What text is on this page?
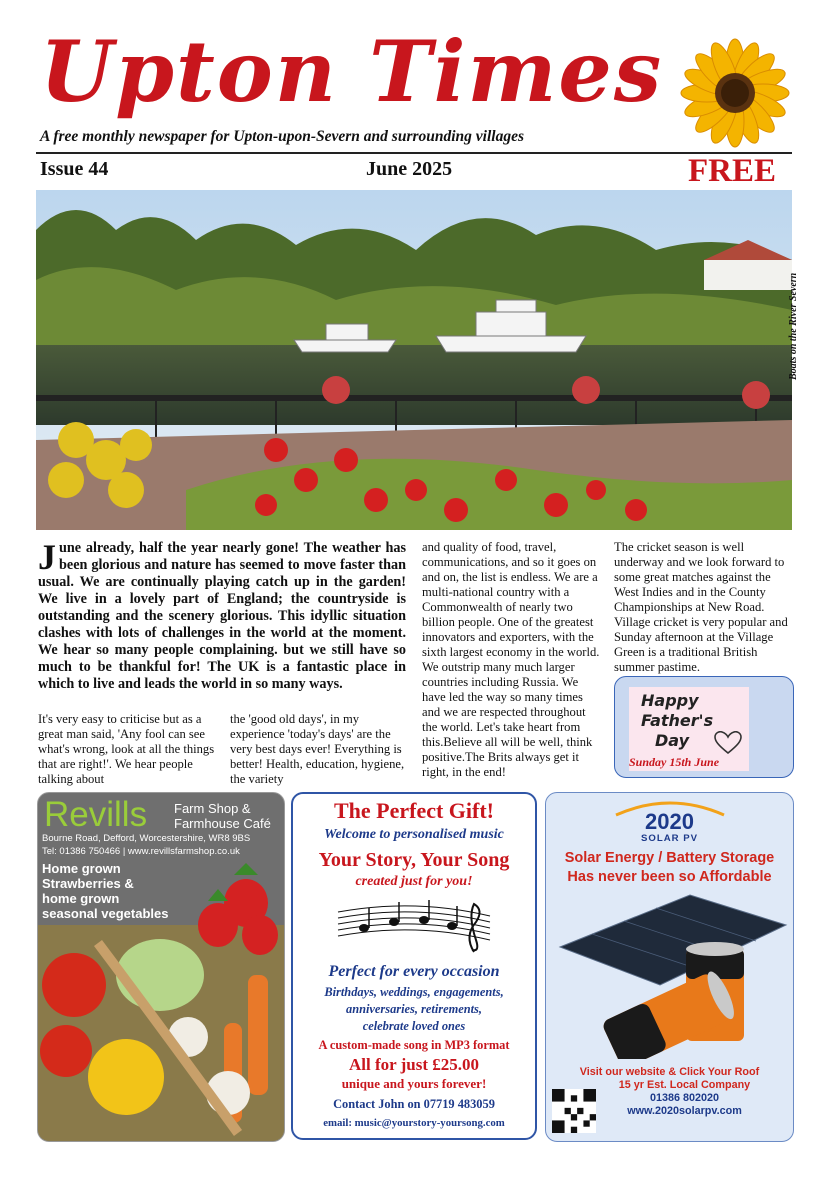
Upton Times
A free monthly newspaper for Upton-upon-Severn and surrounding villages
Issue 44	June 2025	FREE
Boats on the River Severn
June already, half the year nearly gone! The weather has been glorious and nature has seemed to move faster than usual. We are continually playing catch up in the garden! We live in a lovely part of England; the countryside is outstanding and the scenery glorious. This idyllic situation clashes with lots of challenges in the world at the moment. We hear so many people complaining. but we still have so much to be thankful for! The UK is a fantastic place in which to live and leads the world in so many ways.
It's very easy to criticise but as a great man said, 'Any fool can see what's wrong, look at all the things that are right!'. We hear people talking about
the 'good old days', in my experience 'today's days' are the very best days ever! Everything is better! Health, education, hygiene, the variety
and quality of food, travel, communications, and so it goes on and on, the list is endless. We are a multi-national country with a Commonwealth of nearly two billion people. One of the greatest innovators and exporters, with the sixth largest economy in the world. We outstrip many much larger countries including Russia. We have led the way so many times and we are respected throughout the world. Let's take heart from this.Believe all will be well, think positive.The Brits always get it right, in the end!
The cricket season is well underway and we look forward to some great matches against the West Indies and in the County Championships at New Road. Village cricket is very popular and Sunday afternoon at the Village Green is a traditional British summer pastime.
Happy
Father's
Day
Sunday 15th June
Revills Farm Shop &
Farmhouse Café
Bourne Road, Defford, Worcestershire, WR8 9BS
Tel: 01386 750466 | www.revillsfarmshop.co.uk
Home grown
Strawberries &
home grown
seasonal vegetables
The Perfect Gift!
Welcome to personalised music
Your Story, Your Song
created just for you!
Perfect for every occasion
Birthdays, weddings, engagements,
anniversaries, retirements,
celebrate loved ones
A custom-made song in MP3 format
All for just £25.00
unique and yours forever!
Contact John on 07719 483059
email: music@yourstory-yoursong.com
2020
SOLAR PV
Solar Energy / Battery Storage
Has never been so Affordable
Visit our website & Click Your Roof
15 yr Est. Local Company
01386 802020
www.2020solarpv.com
